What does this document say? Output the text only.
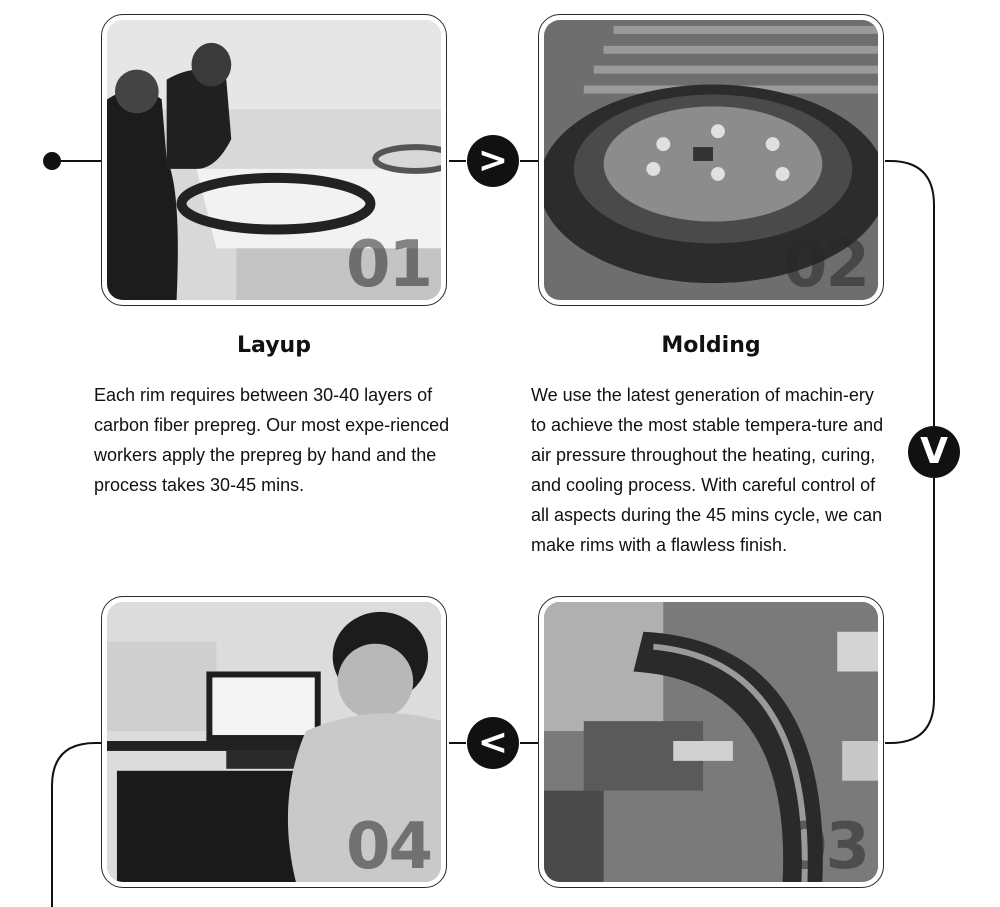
01	02
04	03
>
V
<
Layup	Molding

Each rim requires between 30-40 layers of carbon fiber prepreg. Our most expe-rienced workers apply the prepreg by hand and the process takes 30-45 mins.

We use the latest generation of machin-ery to achieve the most stable tempera-ture and air pressure throughout the heating, curing, and cooling process. With careful control of all aspects during the 45 mins cycle, we can make rims with a flawless finish.
